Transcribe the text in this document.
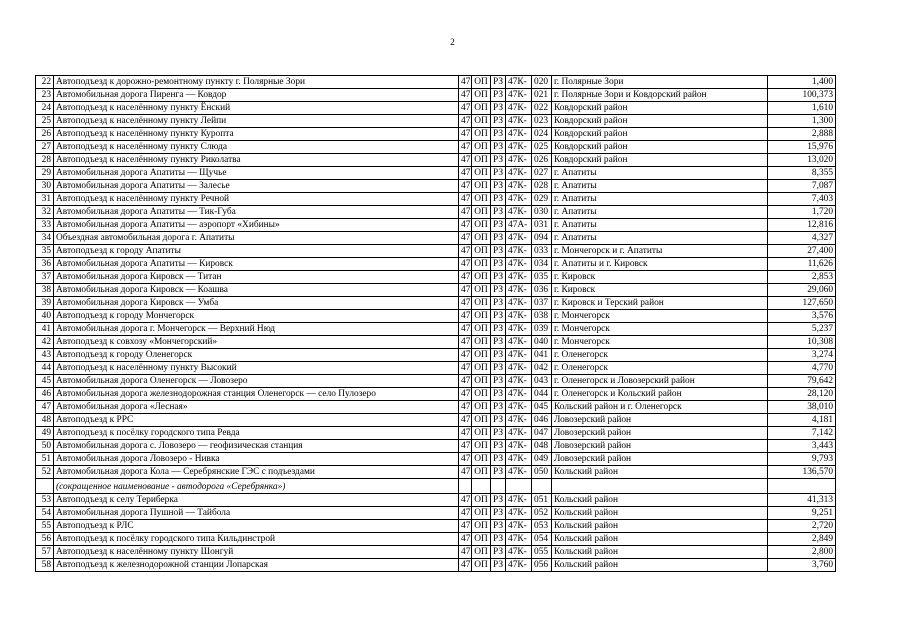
2
22	Автоподъезд к дорожно-ремонтному пункту г. Полярные Зори	47	ОП	РЗ	47К-	020	г. Полярные Зори	1,400
23	Автомобильная дорога Пиренга — Ковдор	47	ОП	РЗ	47К-	021	г. Полярные Зори и Ковдорский район	100,373
24	Автоподъезд к населённому пункту Ёнский	47	ОП	РЗ	47К-	022	Ковдорский район	1,610
25	Автоподъезд к населённому пункту Лейпи	47	ОП	РЗ	47К-	023	Ковдорский район	1,300
26	Автоподъезд к населённому пункту Куропта	47	ОП	РЗ	47К-	024	Ковдорский район	2,888
27	Автоподъезд к населённому пункту Слюда	47	ОП	РЗ	47К-	025	Ковдорский район	15,976
28	Автоподъезд к населённому пункту Риколатва	47	ОП	РЗ	47К-	026	Ковдорский район	13,020
29	Автомобильная дорога Апатиты — Щучье	47	ОП	РЗ	47К-	027	г. Апатиты	8,355
30	Автомобильная дорога Апатиты — Залесье	47	ОП	РЗ	47К-	028	г. Апатиты	7,087
31	Автоподъезд к населённому пункту Речной	47	ОП	РЗ	47К-	029	г. Апатиты	7,403
32	Автомобильная дорога Апатиты — Тик-Губа	47	ОП	РЗ	47К-	030	г. Апатиты	1,720
33	Автомобильная дорога Апатиты — аэропорт «Хибины»	47	ОП	РЗ	47А-	031	г. Апатиты	12,816
34	Объездная автомобильная дорога г. Апатиты	47	ОП	РЗ	47К-	094	г. Апатиты	4,327
35	Автоподъезд к городу Апатиты	47	ОП	РЗ	47К-	033	г. Мончегорск и г. Апатиты	27,400
36	Автомобильная дорога Апатиты — Кировск	47	ОП	РЗ	47К-	034	г. Апатиты и г. Кировск	11,626
37	Автомобильная дорога Кировск — Титан	47	ОП	РЗ	47К-	035	г. Кировск	2,853
38	Автомобильная дорога Кировск — Коашва	47	ОП	РЗ	47К-	036	г. Кировск	29,060
39	Автомобильная дорога Кировск — Умба	47	ОП	РЗ	47К-	037	г. Кировск и Терский район	127,650
40	Автоподъезд к городу Мончегорск	47	ОП	РЗ	47К-	038	г. Мончегорск	3,576
41	Автомобильная дорога г. Мончегорск — Верхний Нюд	47	ОП	РЗ	47К-	039	г. Мончегорск	5,237
42	Автоподъезд к совхозу «Мончегорский»	47	ОП	РЗ	47К-	040	г. Мончегорск	10,308
43	Автоподъезд к городу Оленегорск	47	ОП	РЗ	47К-	041	г. Оленегорск	3,274
44	Автоподъезд к населённому пункту Высокий	47	ОП	РЗ	47К-	042	г. Оленегорск	4,770
45	Автомобильная дорога Оленегорск — Ловозеро	47	ОП	РЗ	47К-	043	г. Оленегорск и Ловозерский район	79,642
46	Автомобильная дорога железнодорожная станция Оленегорск — село Пулозеро	47	ОП	РЗ	47К-	044	г. Оленегорск и Кольский район	28,120
47	Автомобильная дорога «Лесная»	47	ОП	РЗ	47К-	045	Кольский район и г. Оленегорск	38,010
48	Автоподъезд к РРС	47	ОП	РЗ	47К-	046	Ловозерский район	4,181
49	Автоподъезд к посёлку городского типа Ревда	47	ОП	РЗ	47К-	047	Ловозерский район	7,142
50	Автомобильная дорога с. Ловозеро — геофизическая станция	47	ОП	РЗ	47К-	048	Ловозерский район	3,443
51	Автомобильная дорога Ловозеро - Нивка	47	ОП	РЗ	47К-	049	Ловозерский район	9,793
52	Автомобильная дорога Кола — Серебрянские ГЭС с подъездами	47	ОП	РЗ	47К-	050	Кольский район	136,570
	(сокращенное наименование - автодорога «Серебрянка»)							
53	Автоподъезд к селу Териберка	47	ОП	РЗ	47К-	051	Кольский район	41,313
54	Автомобильная дорога Пушной — Тайбола	47	ОП	РЗ	47К-	052	Кольский район	9,251
55	Автоподъезд к РЛС	47	ОП	РЗ	47К-	053	Кольский район	2,720
56	Автоподъезд к посёлку городского типа Кильдинстрой	47	ОП	РЗ	47К-	054	Кольский район	2,849
57	Автоподъезд к населённому пункту Шонгуй	47	ОП	РЗ	47К-	055	Кольский район	2,800
58	Автоподъезд к железнодорожной станции Лопарская	47	ОП	РЗ	47К-	056	Кольский район	3,760
